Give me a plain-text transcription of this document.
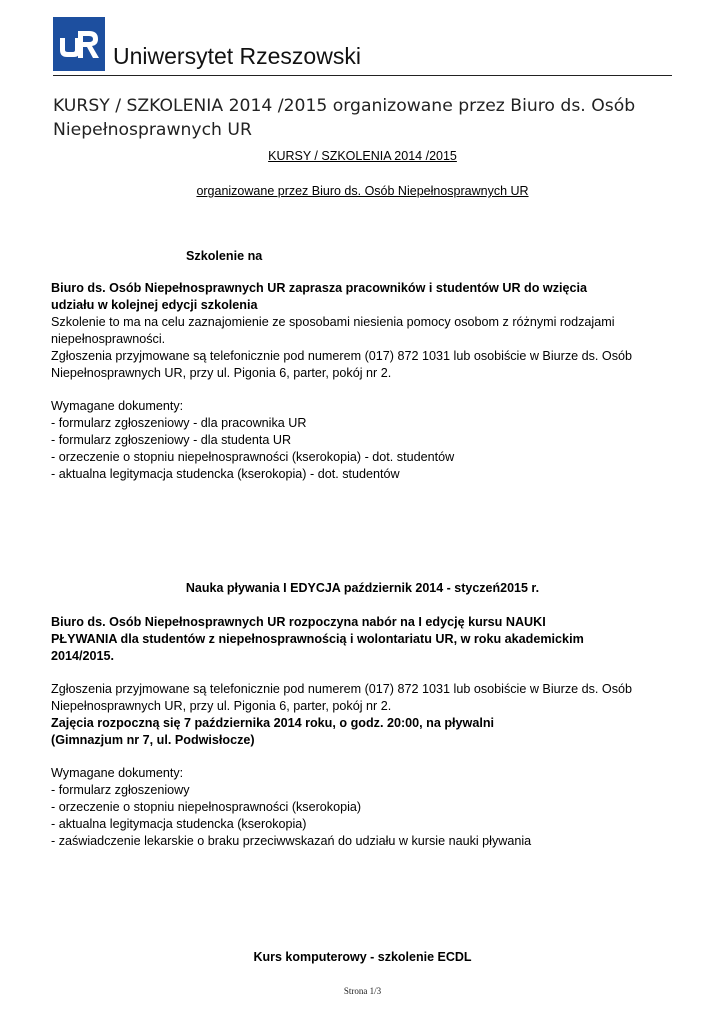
Uniwersytet Rzeszowski
KURSY / SZKOLENIA 2014 /2015 organizowane przez Biuro ds. Osób Niepełnosprawnych UR
KURSY / SZKOLENIA 2014 /2015
organizowane przez Biuro ds. Osób Niepełnosprawnych UR
Szkolenie na
Biuro ds. Osób Niepełnosprawnych UR zaprasza pracowników i studentów UR do wzięcia
udziału w kolejnej edycji szkolenia
Szkolenie to ma na celu zaznajomienie ze sposobami niesienia pomocy osobom z różnymi rodzajami
niepełnosprawności.
Zgłoszenia przyjmowane są telefonicznie pod numerem (017) 872 1031 lub osobiście w Biurze ds. Osób
Niepełnosprawnych UR, przy ul. Pigonia 6, parter, pokój nr 2.
Wymagane dokumenty:
- formularz zgłoszeniowy - dla pracownika UR
- formularz zgłoszeniowy - dla studenta UR
- orzeczenie o stopniu niepełnosprawności (kserokopia) - dot. studentów
- aktualna legitymacja studencka (kserokopia) - dot. studentów
Nauka pływania I EDYCJA październik 2014 - styczeń2015 r.
Biuro ds. Osób Niepełnosprawnych UR rozpoczyna nabór na I edycję kursu NAUKI
PŁYWANIA dla studentów z niepełnosprawnością i wolontariatu UR, w roku akademickim
2014/2015.
Zgłoszenia przyjmowane są telefonicznie pod numerem (017) 872 1031 lub osobiście w Biurze ds. Osób
Niepełnosprawnych UR, przy ul. Pigonia 6, parter, pokój nr 2.
Zajęcia rozpoczną się 7 października 2014 roku, o godz. 20:00, na pływalni
(Gimnazjum nr 7, ul. Podwisłocze)
Wymagane dokumenty:
- formularz zgłoszeniowy
- orzeczenie o stopniu niepełnosprawności (kserokopia)
- aktualna legitymacja studencka (kserokopia)
- zaświadczenie lekarskie o braku przeciwwskazań do udziału w kursie nauki pływania
Kurs komputerowy - szkolenie ECDL
Strona 1/3
